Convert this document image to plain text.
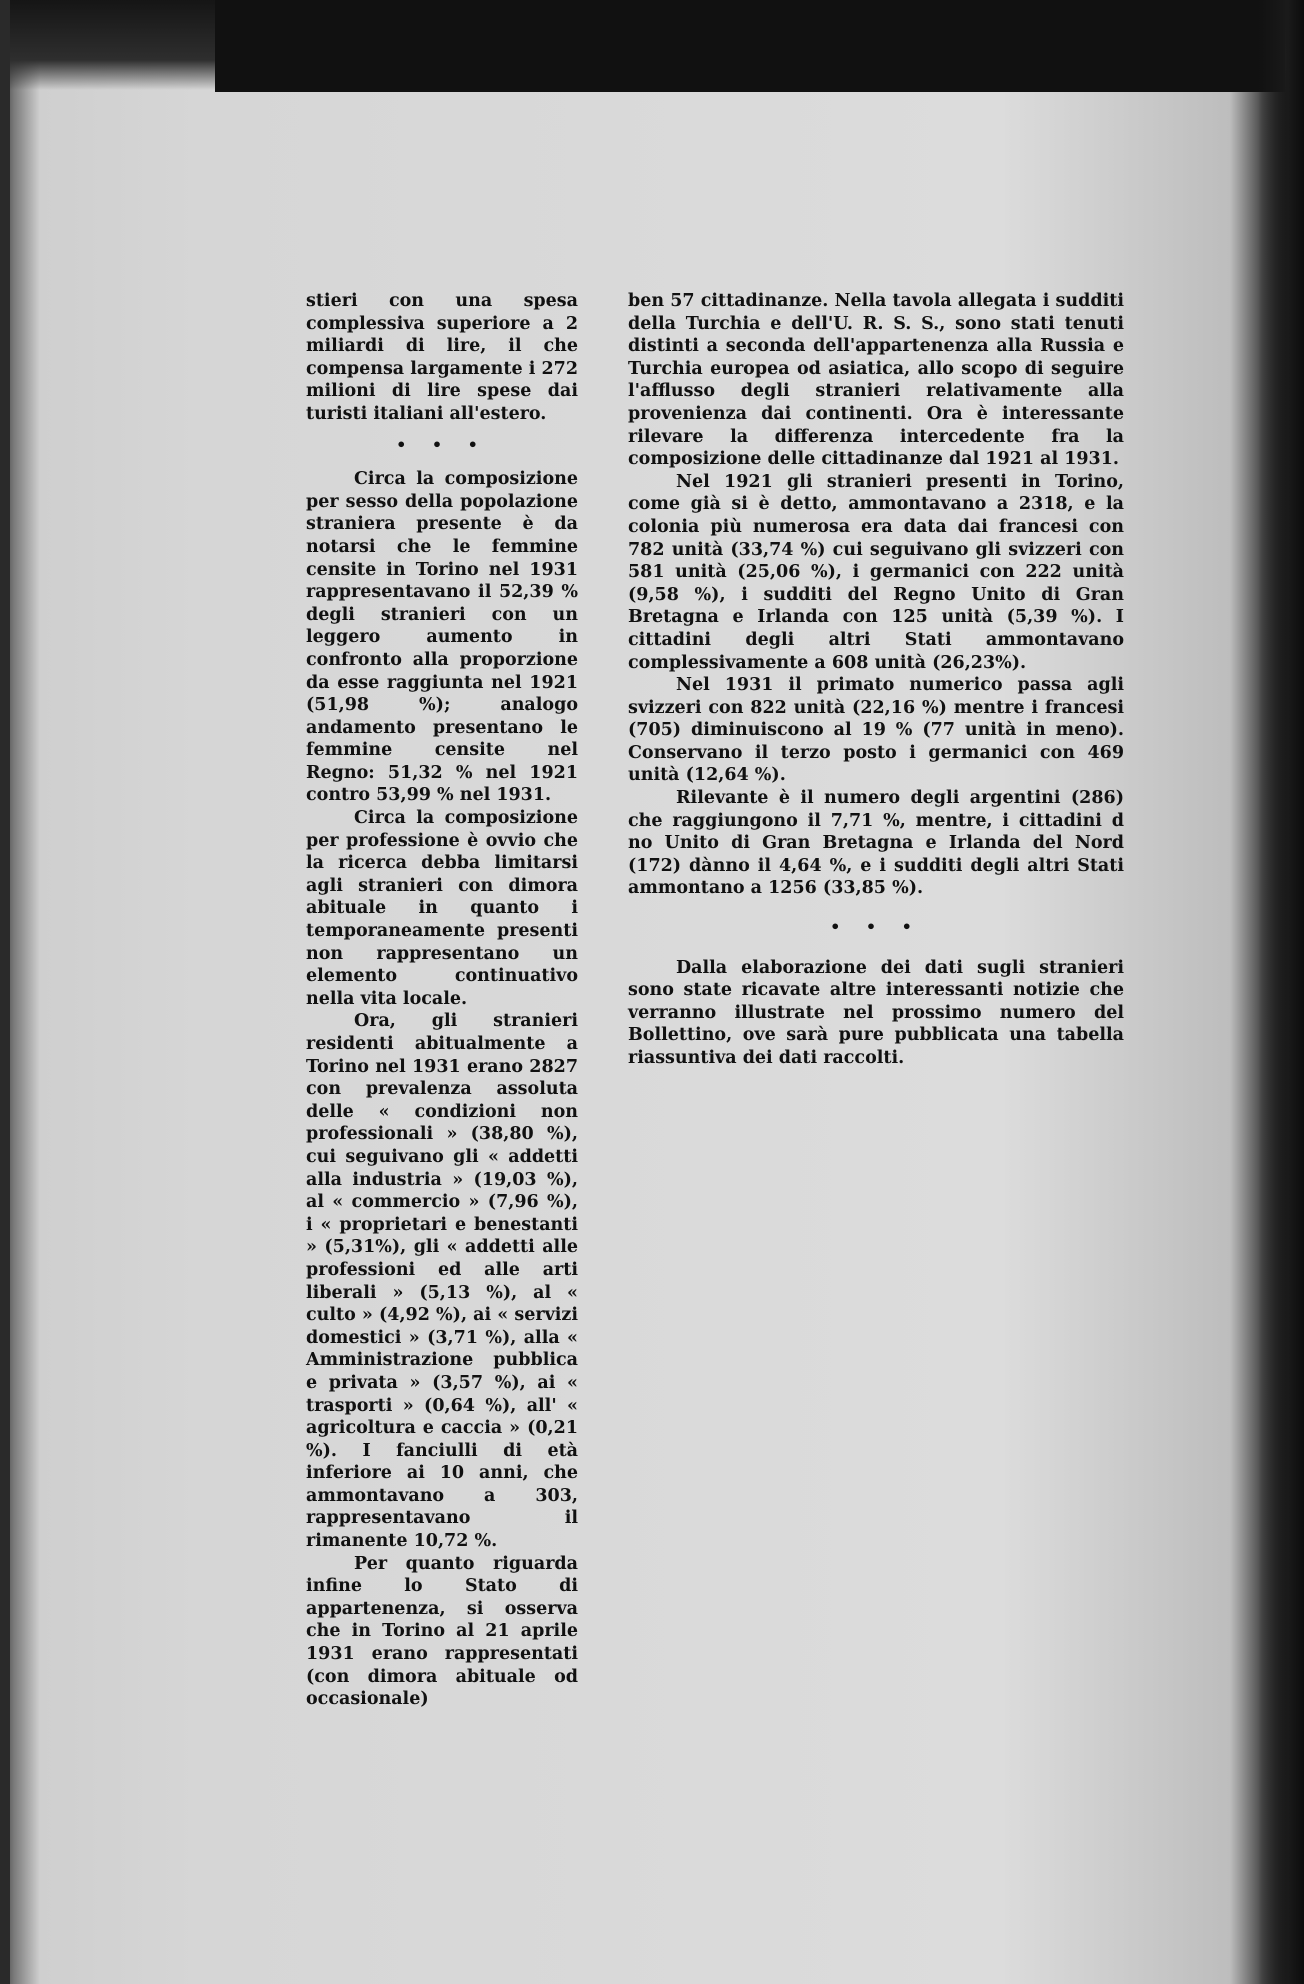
stieri con una spesa complessiva superiore a 2 miliardi di lire, il che compensa largamente i 272 milioni di lire spese dai turisti italiani all'estero.

• • •

Circa la composizione per sesso della popolazione straniera presente è da notarsi che le femmine censite in Torino nel 1931 rappresentavano il 52,39 % degli stranieri con un leggero aumento in confronto alla proporzione da esse raggiunta nel 1921 (51,98 %); analogo andamento presentano le femmine censite nel Regno: 51,32 % nel 1921 contro 53,99 % nel 1931.

Circa la composizione per professione è ovvio che la ricerca debba limitarsi agli stranieri con dimora abituale in quanto i temporaneamente presenti non rappresentano un elemento continuativo nella vita locale.

Ora, gli stranieri residenti abitualmente a Torino nel 1931 erano 2827 con prevalenza assoluta delle « condizioni non professionali » (38,80 %), cui seguivano gli « addetti alla industria » (19,03 %), al « commercio » (7,96 %), i « proprietari e benestanti » (5,31%), gli « addetti alle professioni ed alle arti liberali » (5,13 %), al « culto » (4,92 %), ai « servizi domestici » (3,71 %), alla « Amministrazione pubblica e privata » (3,57 %), ai « trasporti » (0,64 %), all' « agricoltura e caccia » (0,21 %). I fanciulli di età inferiore ai 10 anni, che ammontavano a 303, rappresentavano il rimanente 10,72 %.

Per quanto riguarda infine lo Stato di appartenenza, si osserva che in Torino al 21 aprile 1931 erano rappresentati (con dimora abituale od occasionale)

ben 57 cittadinanze. Nella tavola allegata i sudditi della Turchia e dell'U. R. S. S., sono stati tenuti distinti a seconda dell'appartenenza alla Russia e Turchia europea od asiatica, allo scopo di seguire l'afflusso degli stranieri relativamente alla provenienza dai continenti. Ora è interessante rilevare la differenza intercedente fra la composizione delle cittadinanze dal 1921 al 1931.

Nel 1921 gli stranieri presenti in Torino, come già si è detto, ammontavano a 2318, e la colonia più numerosa era data dai francesi con 782 unità (33,74 %) cui seguivano gli svizzeri con 581 unità (25,06 %), i germanici con 222 unità (9,58 %), i sudditi del Regno Unito di Gran Bretagna e Irlanda con 125 unità (5,39 %). I cittadini degli altri Stati ammontavano complessivamente a 608 unità (26,23%).

Nel 1931 il primato numerico passa agli svizzeri con 822 unità (22,16 %) mentre i francesi (705) diminuiscono al 19 % (77 unità in meno). Conservano il terzo posto i germanici con 469 unità (12,64 %).

Rilevante è il numero degli argentini (286) che raggiungono il 7,71 %, mentre, i cittadini d no Unito di Gran Bretagna e Irlanda del Nord (172) dànno il 4,64 %, e i sudditi degli altri Stati ammontano a 1256 (33,85 %).

• • •

Dalla elaborazione dei dati sugli stranieri sono state ricavate altre interessanti notizie che verranno illustrate nel prossimo numero del Bollettino, ove sarà pure pubblicata una tabella riassuntiva dei dati raccolti.
